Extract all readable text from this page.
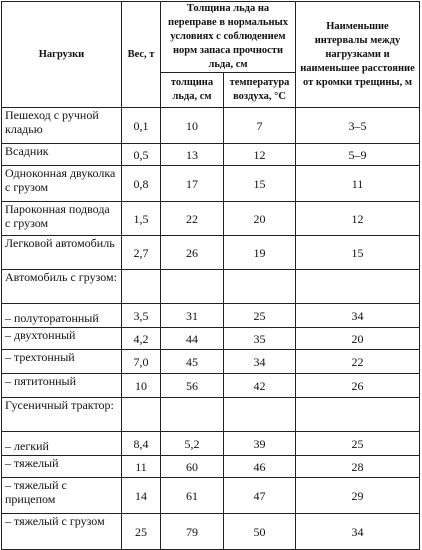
Нагрузки	Вес, т	Толщина льда на переправе в нормальных условиях с соблюдением норм запаса прочности льда, см		Наименьшие интервалы между нагрузками и наименьшее расстояние от кромки трещины, м
		толщина льда, см	температура воздуха, °С	
Пешеход с ручной кладью	0,1	10	7	3–5
Всадник	0,5	13	12	5–9
Одноконная двуколка с грузом	0,8	17	15	11
Пароконная подвода с грузом	1,5	22	20	12
Легковой автомобиль	2,7	26	19	15
Автомобиль с грузом:				
– полуторатонный	3,5	31	25	34
– двухтонный	4,2	44	35	20
– трехтонный	7,0	45	34	22
– пятитонный	10	56	42	26
Гусеничный трактор:				
– легкий	8,4	5,2	39	25
– тяжелый	11	60	46	28
– тяжелый с прицепом	14	61	47	29
– тяжелый с грузом	25	79	50	34
